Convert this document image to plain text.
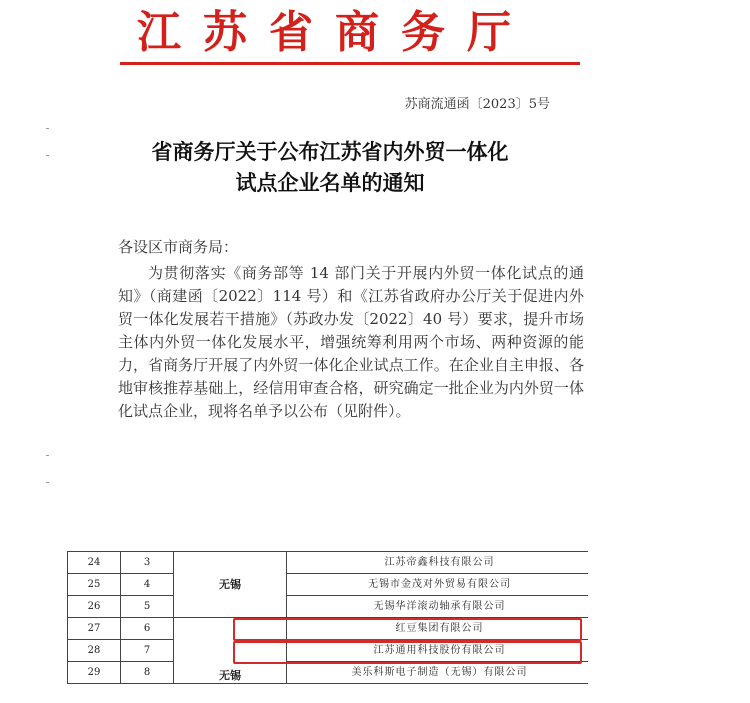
江苏省商务厅
苏商流通函〔2023〕5号
省商务厅关于公布江苏省内外贸一体化
试点企业名单的通知
各设区市商务局：

为贯彻落实《商务部等 14 部门关于开展内外贸一体化试点的通知》（商建函〔2022〕114 号）和《江苏省政府办公厅关于促进内外贸一体化发展若干措施》（苏政办发〔2022〕40 号）要求，提升市场主体内外贸一体化发展水平，增强统筹利用两个市场、两种资源的能力，省商务厅开展了内外贸一体化企业试点工作。在企业自主申报、各地审核推荐基础上，经信用审查合格，研究确定一批企业为内外贸一体化试点企业，现将名单予以公布（见附件）。

24	3	无锡	江苏帝鑫科技有限公司
25	4		无锡市金茂对外贸易有限公司
26	5		无锡华洋滚动轴承有限公司
27	6	无锡	红豆集团有限公司
28	7		江苏通用科技股份有限公司
29	8		美乐科斯电子制造（无锡）有限公司
